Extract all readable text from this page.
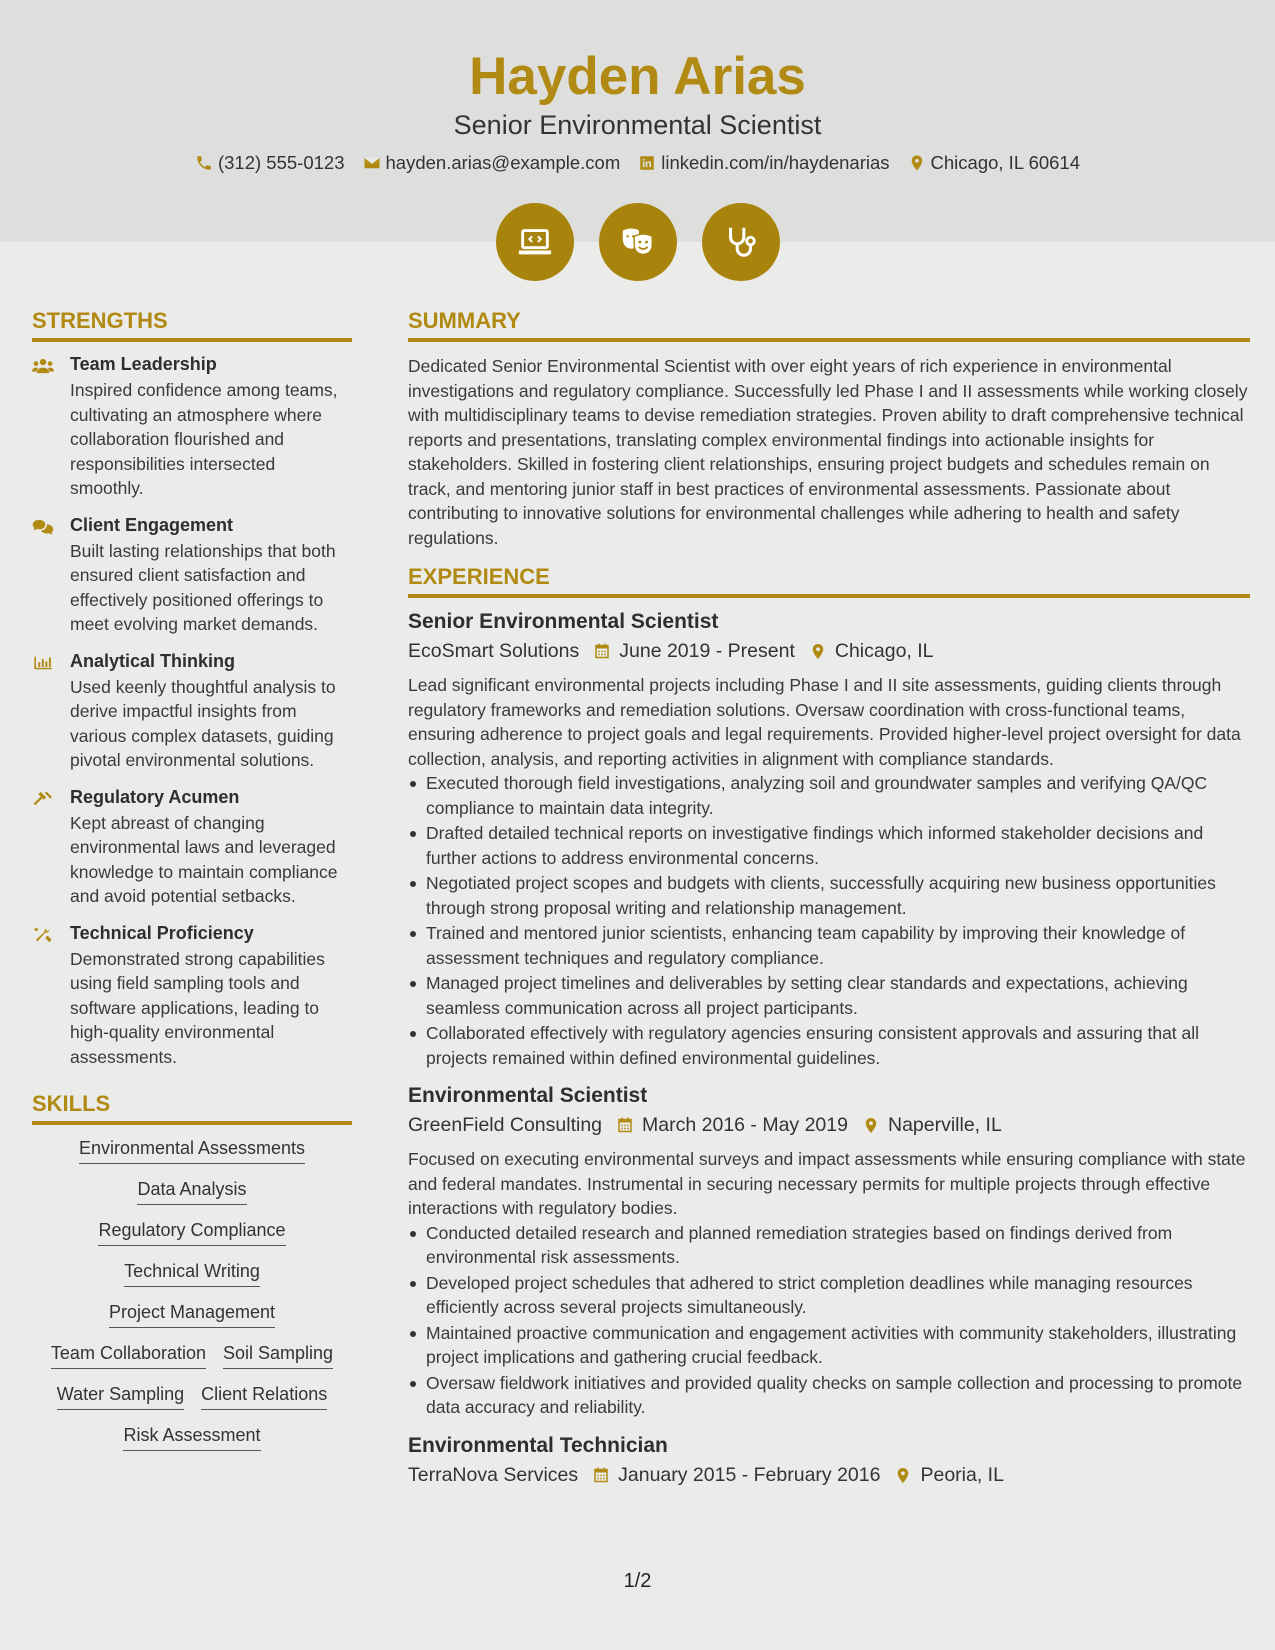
Hayden Arias
Senior Environmental Scientist
(312) 555-0123 hayden.arias@example.com linkedin.com/in/haydenarias Chicago, IL 60614
STRENGTHS
Team Leadership
Inspired confidence among teams, cultivating an atmosphere where collaboration flourished and responsibilities intersected smoothly.
Client Engagement
Built lasting relationships that both ensured client satisfaction and effectively positioned offerings to meet evolving market demands.
Analytical Thinking
Used keenly thoughtful analysis to derive impactful insights from various complex datasets, guiding pivotal environmental solutions.
Regulatory Acumen
Kept abreast of changing environmental laws and leveraged knowledge to maintain compliance and avoid potential setbacks.
Technical Proficiency
Demonstrated strong capabilities using field sampling tools and software applications, leading to high-quality environmental assessments.
SKILLS
Environmental Assessments
Data Analysis
Regulatory Compliance
Technical Writing
Project Management
Team Collaboration Soil Sampling
Water Sampling Client Relations
Risk Assessment
SUMMARY
Dedicated Senior Environmental Scientist with over eight years of rich experience in environmental investigations and regulatory compliance. Successfully led Phase I and II assessments while working closely with multidisciplinary teams to devise remediation strategies. Proven ability to draft comprehensive technical reports and presentations, translating complex environmental findings into actionable insights for stakeholders. Skilled in fostering client relationships, ensuring project budgets and schedules remain on track, and mentoring junior staff in best practices of environmental assessments. Passionate about contributing to innovative solutions for environmental challenges while adhering to health and safety regulations.
EXPERIENCE
Senior Environmental Scientist
EcoSmart Solutions June 2019 - Present Chicago, IL
Lead significant environmental projects including Phase I and II site assessments, guiding clients through regulatory frameworks and remediation solutions. Oversaw coordination with cross-functional teams, ensuring adherence to project goals and legal requirements. Provided higher-level project oversight for data collection, analysis, and reporting activities in alignment with compliance standards.
Executed thorough field investigations, analyzing soil and groundwater samples and verifying QA/QC compliance to maintain data integrity.
Drafted detailed technical reports on investigative findings which informed stakeholder decisions and further actions to address environmental concerns.
Negotiated project scopes and budgets with clients, successfully acquiring new business opportunities through strong proposal writing and relationship management.
Trained and mentored junior scientists, enhancing team capability by improving their knowledge of assessment techniques and regulatory compliance.
Managed project timelines and deliverables by setting clear standards and expectations, achieving seamless communication across all project participants.
Collaborated effectively with regulatory agencies ensuring consistent approvals and assuring that all projects remained within defined environmental guidelines.
Environmental Scientist
GreenField Consulting March 2016 - May 2019 Naperville, IL
Focused on executing environmental surveys and impact assessments while ensuring compliance with state and federal mandates. Instrumental in securing necessary permits for multiple projects through effective interactions with regulatory bodies.
Conducted detailed research and planned remediation strategies based on findings derived from environmental risk assessments.
Developed project schedules that adhered to strict completion deadlines while managing resources efficiently across several projects simultaneously.
Maintained proactive communication and engagement activities with community stakeholders, illustrating project implications and gathering crucial feedback.
Oversaw fieldwork initiatives and provided quality checks on sample collection and processing to promote data accuracy and reliability.
Environmental Technician
TerraNova Services January 2015 - February 2016 Peoria, IL
1/2
